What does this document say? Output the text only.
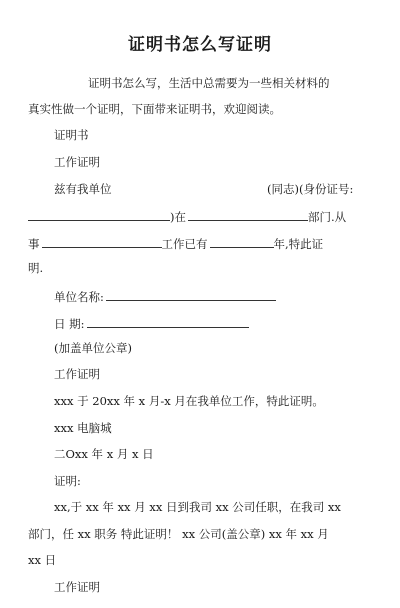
证明书怎么写证明
证明书怎么写，生活中总需要为一些相关材料的
真实性做一个证明，下面带来证明书，欢迎阅读。
证明书
工作证明
兹有我单位	(同志)(身份证号:
)在	部门.从
事	工作已有	年,特此证
明.
单位名称:
日 期:
(加盖单位公章)
工作证明
xxx 于 20xx 年 x 月-x 月在我单位工作，特此证明。
xxx 电脑城
二Oxx 年 x 月 x 日
证明:
xx,于 xx 年 xx 月 xx 日到我司 xx 公司任职，在我司 xx
部门，任 xx 职务 特此证明！ xx 公司(盖公章) xx 年 xx 月
xx 日
工作证明
